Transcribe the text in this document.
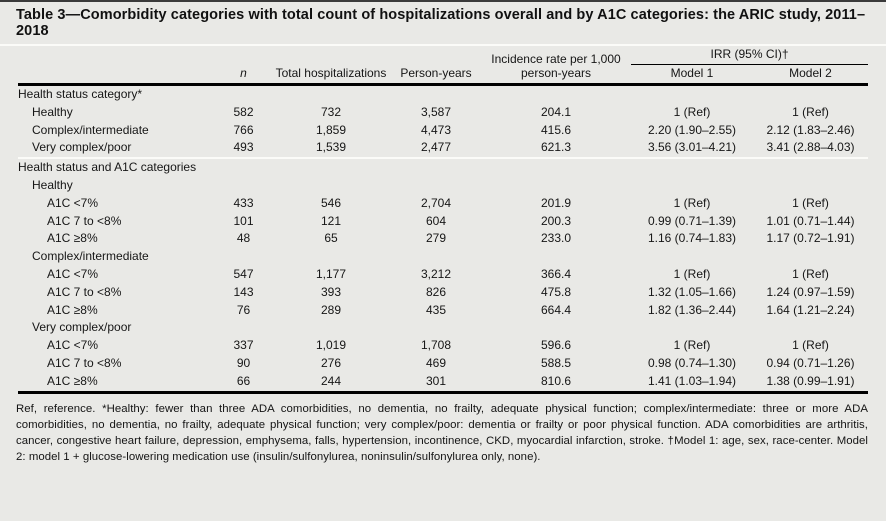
Table 3—Comorbidity categories with total count of hospitalizations overall and by A1C categories: the ARIC study, 2011–2018
	n	Total hospitalizations	Person-years	Incidence rate per 1,000 person-years	IRR (95% CI)†	
					Model 1	Model 2
Health status category*						
Healthy	582	732	3,587	204.1	1 (Ref)	1 (Ref)
Complex/intermediate	766	1,859	4,473	415.6	2.20 (1.90–2.55)	2.12 (1.83–2.46)
Very complex/poor	493	1,539	2,477	621.3	3.56 (3.01–4.21)	3.41 (2.88–4.03)
Health status and A1C categories						
Healthy						
A1C <7%	433	546	2,704	201.9	1 (Ref)	1 (Ref)
A1C 7 to <8%	101	121	604	200.3	0.99 (0.71–1.39)	1.01 (0.71–1.44)
A1C ≥8%	48	65	279	233.0	1.16 (0.74–1.83)	1.17 (0.72–1.91)
Complex/intermediate						
A1C <7%	547	1,177	3,212	366.4	1 (Ref)	1 (Ref)
A1C 7 to <8%	143	393	826	475.8	1.32 (1.05–1.66)	1.24 (0.97–1.59)
A1C ≥8%	76	289	435	664.4	1.82 (1.36–2.44)	1.64 (1.21–2.24)
Very complex/poor						
A1C <7%	337	1,019	1,708	596.6	1 (Ref)	1 (Ref)
A1C 7 to <8%	90	276	469	588.5	0.98 (0.74–1.30)	0.94 (0.71–1.26)
A1C ≥8%	66	244	301	810.6	1.41 (1.03–1.94)	1.38 (0.99–1.91)
Ref, reference. *Healthy: fewer than three ADA comorbidities, no dementia, no frailty, adequate physical function; complex/intermediate: three or more ADA comorbidities, no dementia, no frailty, adequate physical function; very complex/poor: dementia or frailty or poor physical function. ADA comorbidities are arthritis, cancer, congestive heart failure, depression, emphysema, falls, hypertension, incontinence, CKD, myocardial infarction, stroke. †Model 1: age, sex, race-center. Model 2: model 1 + glucose-lowering medication use (insulin/sulfonylurea, noninsulin/sulfonylurea only, none).
